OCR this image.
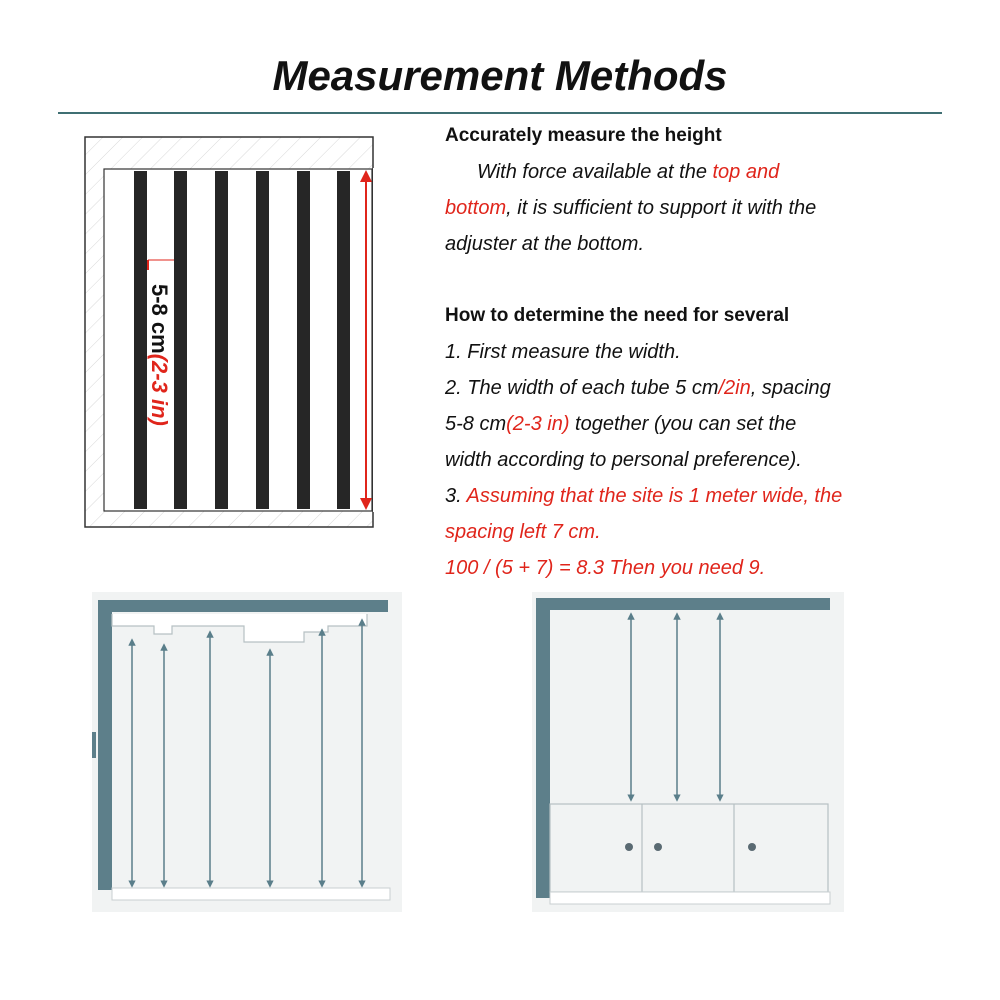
Measurement Methods
5-8 cm(2-3 in)
Accurately measure the height
With force available at the top and
bottom, it is sufficient to support it with the
adjuster at the bottom.
How to determine the need for several
1. First measure the width.
2. The width of each tube 5 cm/2in, spacing
5-8 cm(2-3 in) together (you can set the
width according to personal preference).
3. Assuming that the site is 1 meter wide, the
spacing left 7 cm.
100 / (5 + 7) = 8.3 Then you need 9.
